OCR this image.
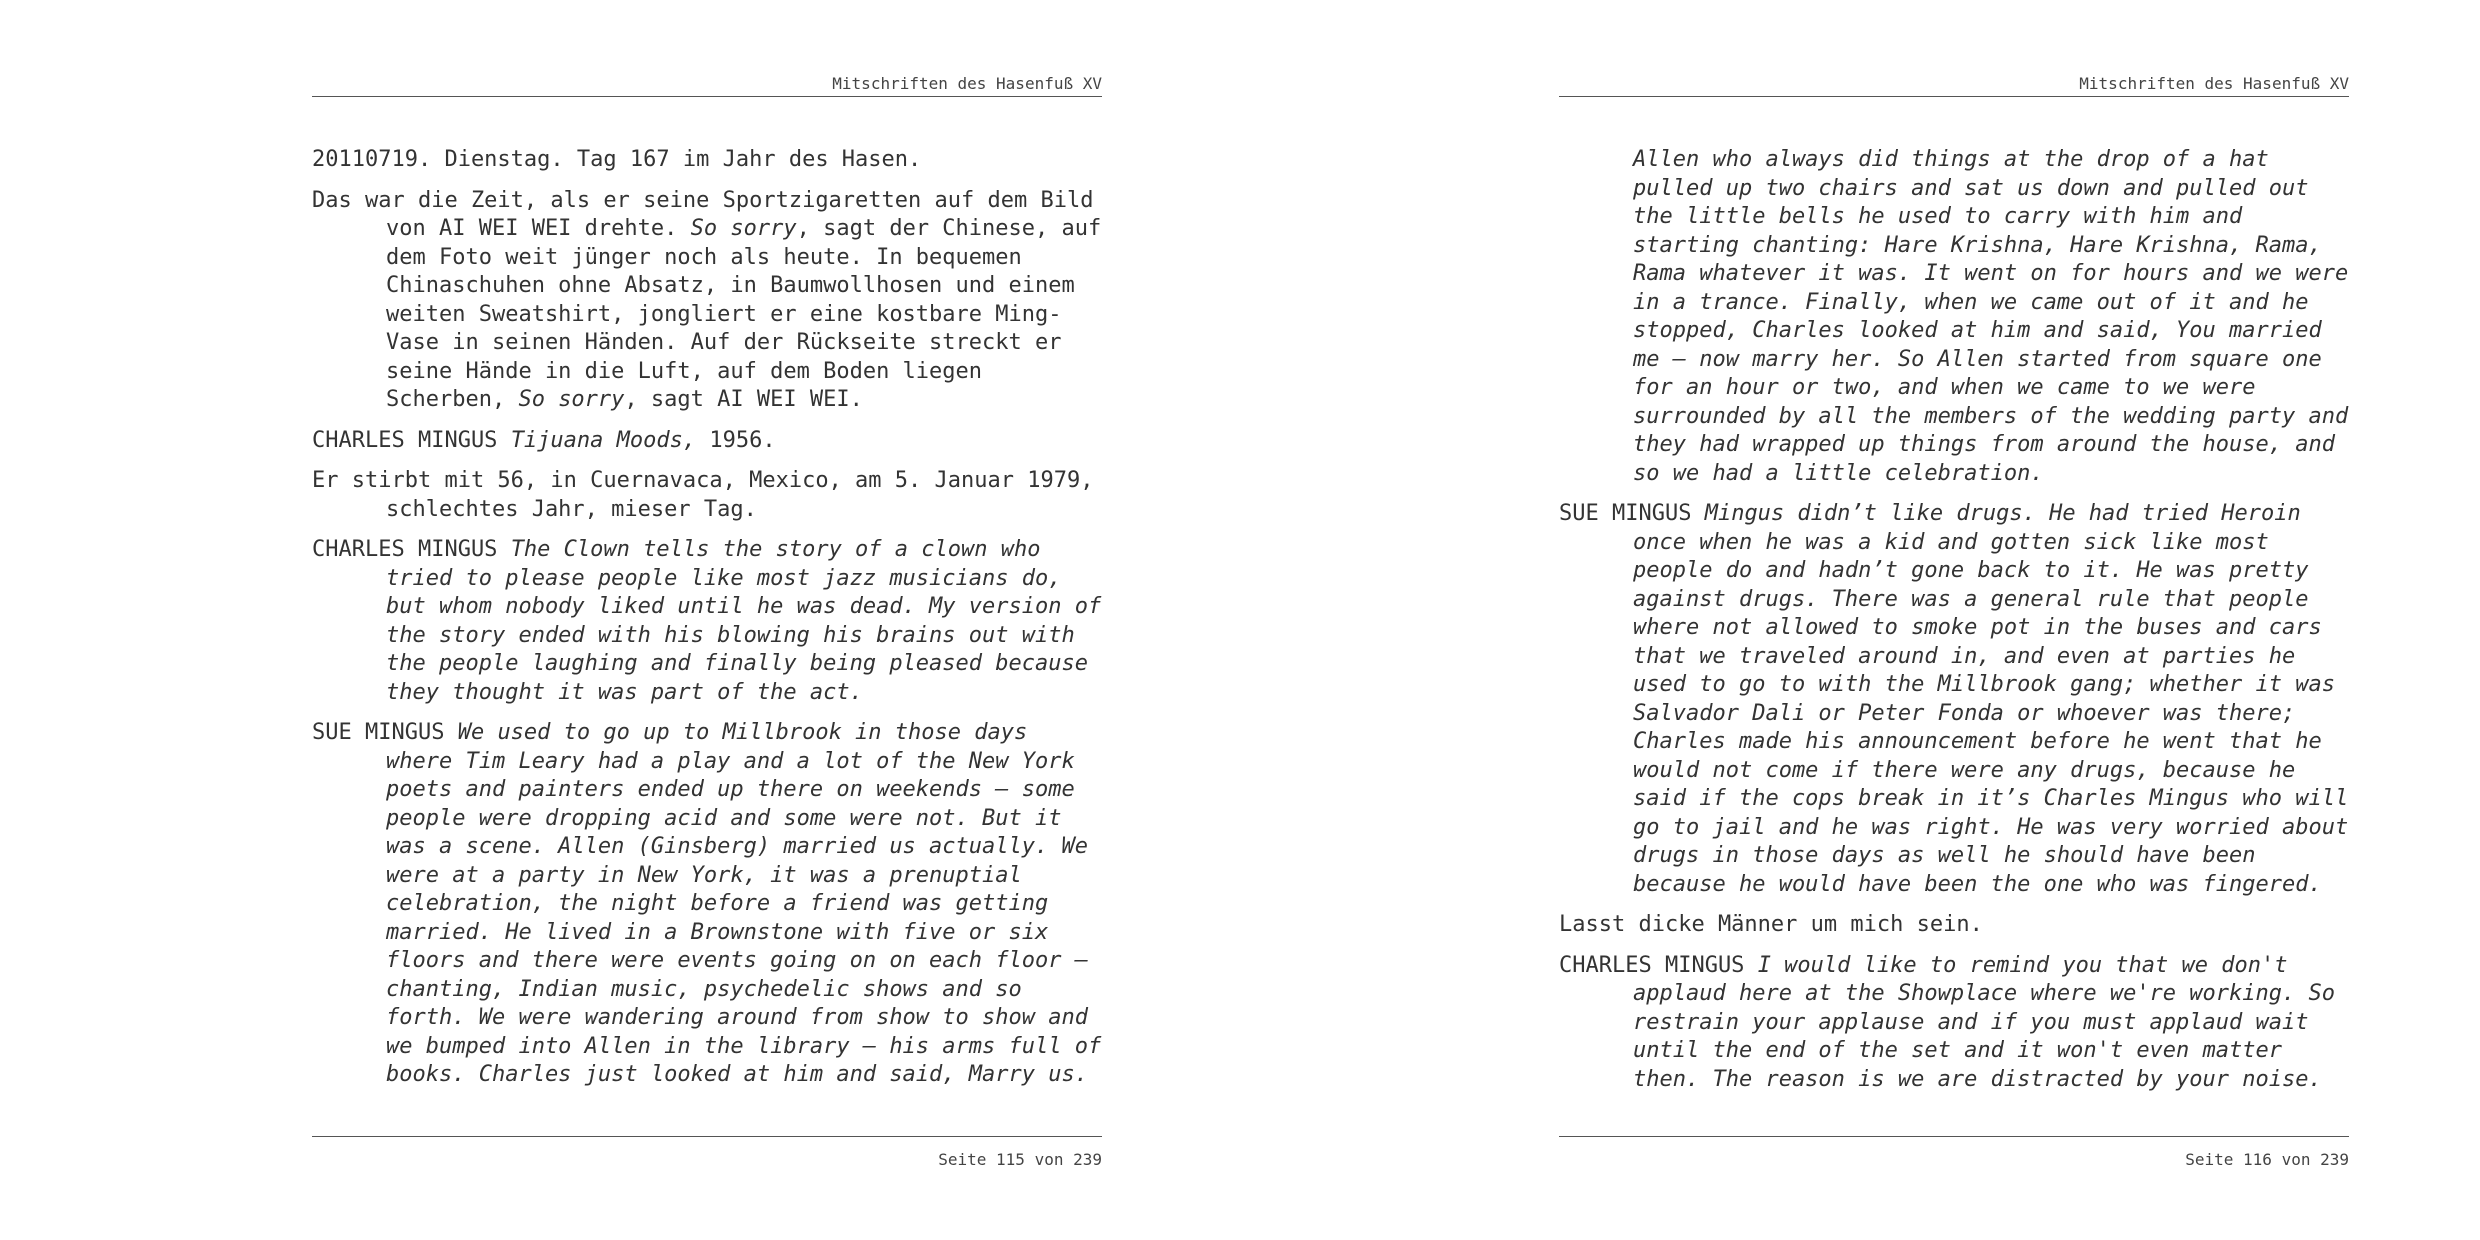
Mitschriften des Hasenfuß XV

20110719. Dienstag. Tag 167 im Jahr des Hasen.

Das war die Zeit, als er seine Sportzigaretten auf dem Bild von AI WEI WEI drehte. So sorry, sagt der Chinese, auf dem Foto weit jünger noch als heute. In bequemen Chinaschuhen ohne Absatz, in Baumwollhosen und einem weiten Sweatshirt, jongliert er eine kostbare Ming-Vase in seinen Händen. Auf der Rückseite streckt er seine Hände in die Luft, auf dem Boden liegen Scherben, So sorry, sagt AI WEI WEI.

CHARLES MINGUS Tijuana Moods, 1956.

Er stirbt mit 56, in Cuernavaca, Mexico, am 5. Januar 1979, schlechtes Jahr, mieser Tag.

CHARLES MINGUS The Clown tells the story of a clown who tried to please people like most jazz musicians do, but whom nobody liked until he was dead. My version of the story ended with his blowing his brains out with the people laughing and finally being pleased because they thought it was part of the act.

SUE MINGUS We used to go up to Millbrook in those days where Tim Leary had a play and a lot of the New York poets and painters ended up there on weekends — some people were dropping acid and some were not. But it was a scene. Allen (Ginsberg) married us actually. We were at a party in New York, it was a prenuptial celebration, the night before a friend was getting married. He lived in a Brownstone with five or six floors and there were events going on on each floor — chanting, Indian music, psychedelic shows and so forth. We were wandering around from show to show and we bumped into Allen in the library — his arms full of books. Charles just looked at him and said, Marry us.

Seite 115 von 239
Mitschriften des Hasenfuß XV

Allen who always did things at the drop of a hat pulled up two chairs and sat us down and pulled out the little bells he used to carry with him and starting chanting: Hare Krishna, Hare Krishna, Rama, Rama whatever it was. It went on for hours and we were in a trance. Finally, when we came out of it and he stopped, Charles looked at him and said, You married me – now marry her. So Allen started from square one for an hour or two, and when we came to we were surrounded by all the members of the wedding party and they had wrapped up things from around the house, and so we had a little celebration.

SUE MINGUS Mingus didn’t like drugs. He had tried Heroin once when he was a kid and gotten sick like most people do and hadn’t gone back to it. He was pretty against drugs. There was a general rule that people where not allowed to smoke pot in the buses and cars that we traveled around in, and even at parties he used to go to with the Millbrook gang; whether it was Salvador Dali or Peter Fonda or whoever was there; Charles made his announcement before he went that he would not come if there were any drugs, because he said if the cops break in it’s Charles Mingus who will go to jail and he was right. He was very worried about drugs in those days as well he should have been because he would have been the one who was fingered.

Lasst dicke Männer um mich sein.

CHARLES MINGUS I would like to remind you that we don't applaud here at the Showplace where we're working. So restrain your applause and if you must applaud wait until the end of the set and it won't even matter then. The reason is we are distracted by your noise.

Seite 116 von 239
